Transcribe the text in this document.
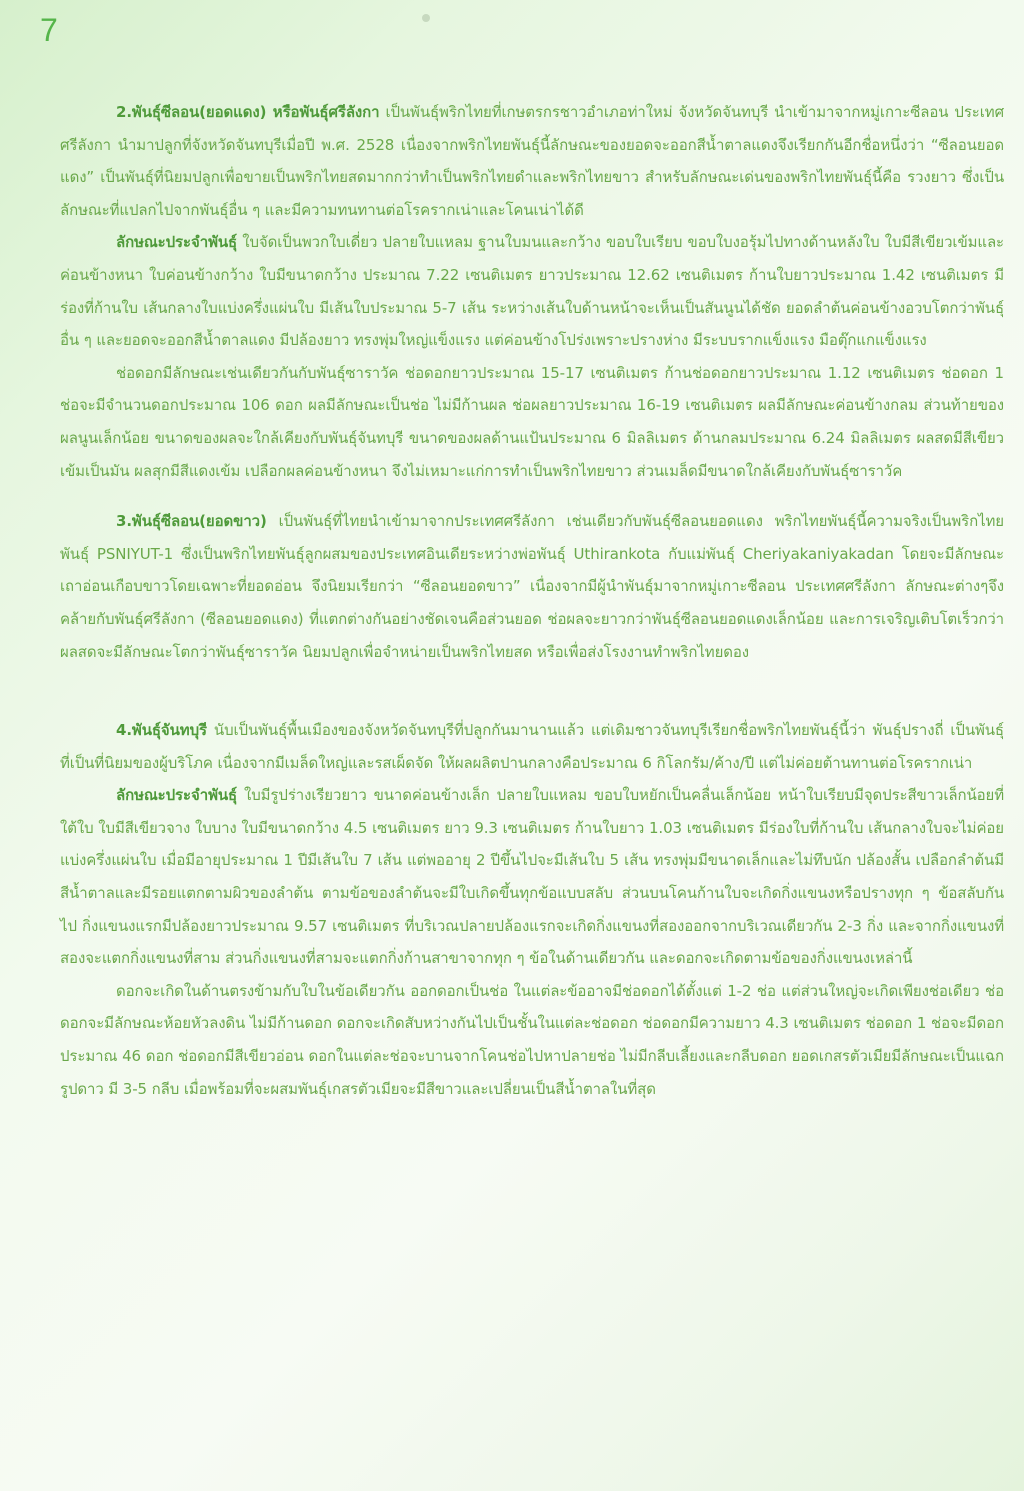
7

2.พันธุ์ซีลอน(ยอดแดง) หรือพันธุ์ศรีลังกา เป็นพันธุ์พริกไทยที่เกษตรกรชาวอำเภอท่าใหม่ จังหวัดจันทบุรี นำเข้ามาจากหมู่เกาะซีลอน ประเทศศรีลังกา นำมาปลูกที่จังหวัดจันทบุรีเมื่อปี พ.ศ. 2528 เนื่องจากพริกไทยพันธุ์นี้ลักษณะของยอดจะออกสีน้ำตาลแดงจึงเรียกกันอีกชื่อหนึ่งว่า “ซีลอนยอดแดง” เป็นพันธุ์ที่นิยมปลูกเพื่อขายเป็นพริกไทยสดมากกว่าทำเป็นพริกไทยดำและพริกไทยขาว สำหรับลักษณะเด่นของพริกไทยพันธุ์นี้คือ รวงยาว ซึ่งเป็นลักษณะที่แปลกไปจากพันธุ์อื่น ๆ และมีความทนทานต่อโรครากเน่าและโคนเน่าได้ดี

ลักษณะประจำพันธุ์ ใบจัดเป็นพวกใบเดี่ยว ปลายใบแหลม ฐานใบมนและกว้าง ขอบใบเรียบ ขอบใบงอรุ้มไปทางด้านหลังใบ ใบมีสีเขียวเข้มและค่อนข้างหนา ใบค่อนข้างกว้าง ใบมีขนาดกว้าง ประมาณ 7.22 เซนติเมตร ยาวประมาณ 12.62 เซนติเมตร ก้านใบยาวประมาณ 1.42 เซนติเมตร มีร่องที่ก้านใบ เส้นกลางใบแบ่งครึ่งแผ่นใบ มีเส้นใบประมาณ 5-7 เส้น ระหว่างเส้นใบด้านหน้าจะเห็นเป็นสันนูนได้ชัด ยอดลำต้นค่อนข้างอวบโตกว่าพันธุ์อื่น ๆ และยอดจะออกสีน้ำตาลแดง มีปล้องยาว ทรงพุ่มใหญ่แข็งแรง แต่ค่อนข้างโปร่งเพราะปรางห่าง มีระบบรากแข็งแรง มือตุ๊กแกแข็งแรง

ช่อดอกมีลักษณะเช่นเดียวกันกับพันธุ์ซาราวัค ช่อดอกยาวประมาณ 15-17 เซนติเมตร ก้านช่อดอกยาวประมาณ 1.12 เซนติเมตร ช่อดอก 1 ช่อจะมีจำนวนดอกประมาณ 106 ดอก ผลมีลักษณะเป็นช่อ ไม่มีก้านผล ช่อผลยาวประมาณ 16-19 เซนติเมตร ผลมีลักษณะค่อนข้างกลม ส่วนท้ายของผลนูนเล็กน้อย ขนาดของผลจะใกล้เคียงกับพันธุ์จันทบุรี ขนาดของผลด้านแป้นประมาณ 6 มิลลิเมตร ด้านกลมประมาณ 6.24 มิลลิเมตร ผลสดมีสีเขียวเข้มเป็นมัน ผลสุกมีสีแดงเข้ม เปลือกผลค่อนข้างหนา จึงไม่เหมาะแก่การทำเป็นพริกไทยขาว ส่วนเมล็ดมีขนาดใกล้เคียงกับพันธุ์ซาราวัค

3.พันธุ์ซีลอน(ยอดขาว) เป็นพันธุ์ที่ไทยนำเข้ามาจากประเทศศรีลังกา เช่นเดียวกับพันธุ์ซีลอนยอดแดง พริกไทยพันธุ์นี้ความจริงเป็นพริกไทยพันธุ์ PSNIYUT-1 ซึ่งเป็นพริกไทยพันธุ์ลูกผสมของประเทศอินเดียระหว่างพ่อพันธุ์ Uthirankota กับแม่พันธุ์ Cheriyakaniyakadan โดยจะมีลักษณะเถาอ่อนเกือบขาวโดยเฉพาะที่ยอดอ่อน จึงนิยมเรียกว่า “ซีลอนยอดขาว” เนื่องจากมีผู้นำพันธุ์มาจากหมู่เกาะซีลอน ประเทศศรีลังกา ลักษณะต่างๆจึงคล้ายกับพันธุ์ศรีลังกา (ซีลอนยอดแดง) ที่แตกต่างกันอย่างชัดเจนคือส่วนยอด ช่อผลจะยาวกว่าพันธุ์ซีลอนยอดแดงเล็กน้อย และการเจริญเติบโตเร็วกว่า ผลสดจะมีลักษณะโตกว่าพันธุ์ซาราวัค นิยมปลูกเพื่อจำหน่ายเป็นพริกไทยสด หรือเพื่อส่งโรงงานทำพริกไทยดอง

4.พันธุ์จันทบุรี นับเป็นพันธุ์พื้นเมืองของจังหวัดจันทบุรีที่ปลูกกันมานานแล้ว แต่เดิมชาวจันทบุรีเรียกชื่อพริกไทยพันธุ์นี้ว่า พันธุ์ปรางถี่ เป็นพันธุ์ที่เป็นที่นิยมของผู้บริโภค เนื่องจากมีเมล็ดใหญ่และรสเผ็ดจัด ให้ผลผลิตปานกลางคือประมาณ 6 กิโลกรัม/ค้าง/ปี แต่ไม่ค่อยต้านทานต่อโรครากเน่า

ลักษณะประจำพันธุ์ ใบมีรูปร่างเรียวยาว ขนาดค่อนข้างเล็ก ปลายใบแหลม ขอบใบหยักเป็นคลื่นเล็กน้อย หน้าใบเรียบมีจุดประสีขาวเล็กน้อยที่ใต้ใบ ใบมีสีเขียวจาง ใบบาง ใบมีขนาดกว้าง 4.5 เซนติเมตร ยาว 9.3 เซนติเมตร ก้านใบยาว 1.03 เซนติเมตร มีร่องใบที่ก้านใบ เส้นกลางใบจะไม่ค่อยแบ่งครึ่งแผ่นใบ เมื่อมีอายุประมาณ 1 ปีมีเส้นใบ 7 เส้น แต่พออายุ 2 ปีขึ้นไปจะมีเส้นใบ 5 เส้น ทรงพุ่มมีขนาดเล็กและไม่ทึบนัก ปล้องสั้น เปลือกลำต้นมีสีน้ำตาลและมีรอยแตกตามผิวของลำต้น ตามข้อของลำต้นจะมีใบเกิดขึ้นทุกข้อแบบสลับ ส่วนบนโคนก้านใบจะเกิดกิ่งแขนงหรือปรางทุก ๆ ข้อสลับกันไป กิ่งแขนงแรกมีปล้องยาวประมาณ 9.57 เซนติเมตร ที่บริเวณปลายปล้องแรกจะเกิดกิ่งแขนงที่สองออกจากบริเวณเดียวกัน 2-3 กิ่ง และจากกิ่งแขนงที่สองจะแตกกิ่งแขนงที่สาม ส่วนกิ่งแขนงที่สามจะแตกกิ่งก้านสาขาจากทุก ๆ ข้อในด้านเดียวกัน และดอกจะเกิดตามข้อของกิ่งแขนงเหล่านี้

ดอกจะเกิดในด้านตรงข้ามกับใบในข้อเดียวกัน ออกดอกเป็นช่อ ในแต่ละข้ออาจมีช่อดอกได้ตั้งแต่ 1-2 ช่อ แต่ส่วนใหญ่จะเกิดเพียงช่อเดียว ช่อดอกจะมีลักษณะห้อยหัวลงดิน ไม่มีก้านดอก ดอกจะเกิดสับหว่างกันไปเป็นชั้นในแต่ละช่อดอก ช่อดอกมีความยาว 4.3 เซนติเมตร ช่อดอก 1 ช่อจะมีดอกประมาณ 46 ดอก ช่อดอกมีสีเขียวอ่อน ดอกในแต่ละช่อจะบานจากโคนช่อไปหาปลายช่อ ไม่มีกลีบเลี้ยงและกลีบดอก ยอดเกสรตัวเมียมีลักษณะเป็นแฉกรูปดาว มี 3-5 กลีบ เมื่อพร้อมที่จะผสมพันธุ์เกสรตัวเมียจะมีสีขาวและเปลี่ยนเป็นสีน้ำตาลในที่สุด
